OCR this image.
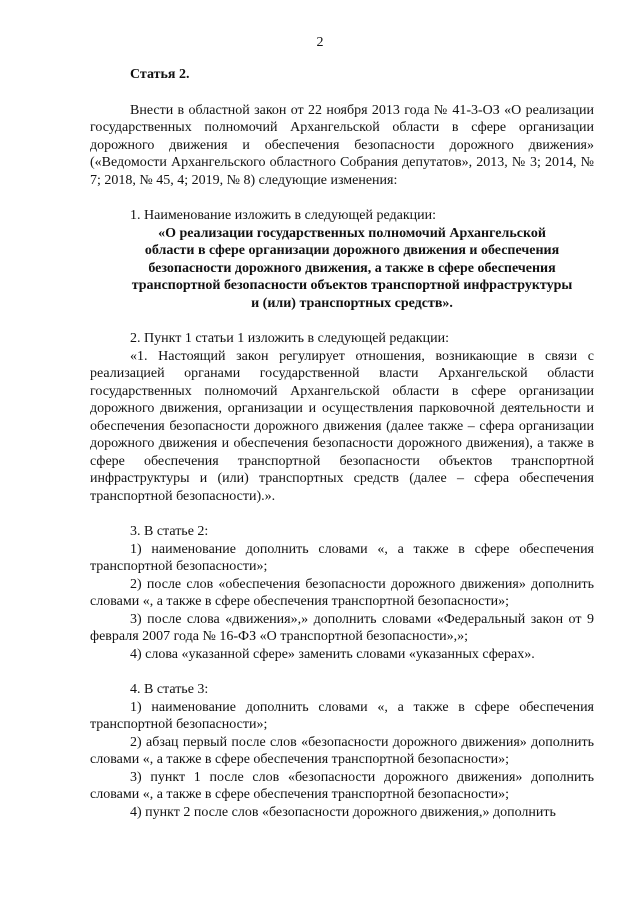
2

Статья 2.

Внести в областной закон от 22 ноября 2013 года № 41-3-ОЗ «О реализации государственных полномочий Архангельской области в сфере организации дорожного движения и обеспечения безопасности дорожного движения» («Ведомости Архангельского областного Собрания депутатов», 2013, № 3; 2014, № 7; 2018, № 45, 4; 2019, № 8) следующие изменения:

1. Наименование изложить в следующей редакции:

«О реализации государственных полномочий Архангельской
области в сфере организации дорожного движения и обеспечения
безопасности дорожного движения, а также в сфере обеспечения
транспортной безопасности объектов транспортной инфраструктуры
и (или) транспортных средств».

2. Пункт 1 статьи 1 изложить в следующей редакции:

«1. Настоящий закон регулирует отношения, возникающие в связи с реализацией органами государственной власти Архангельской области государственных полномочий Архангельской области в сфере организации дорожного движения, организации и осуществления парковочной деятельности и обеспечения безопасности дорожного движения (далее также – сфера организации дорожного движения и обеспечения безопасности дорожного движения), а также в сфере обеспечения транспортной безопасности объектов транспортной инфраструктуры и (или) транспортных средств (далее – сфера обеспечения транспортной безопасности).».

3. В статье 2:

1) наименование дополнить словами «, а также в сфере обеспечения транспортной безопасности»;

2) после слов «обеспечения безопасности дорожного движения» дополнить словами «, а также в сфере обеспечения транспортной безопасности»;

3) после слова «движения»,» дополнить словами «Федеральный закон от 9 февраля 2007 года № 16-ФЗ «О транспортной безопасности»,»;

4) слова «указанной сфере» заменить словами «указанных сферах».

4. В статье 3:

1) наименование дополнить словами «, а также в сфере обеспечения транспортной безопасности»;

2) абзац первый после слов «безопасности дорожного движения» дополнить словами «, а также в сфере обеспечения транспортной безопасности»;

3) пункт 1 после слов «безопасности дорожного движения» дополнить словами «, а также в сфере обеспечения транспортной безопасности»;

4) пункт 2 после слов «безопасности дорожного движения,» дополнить
